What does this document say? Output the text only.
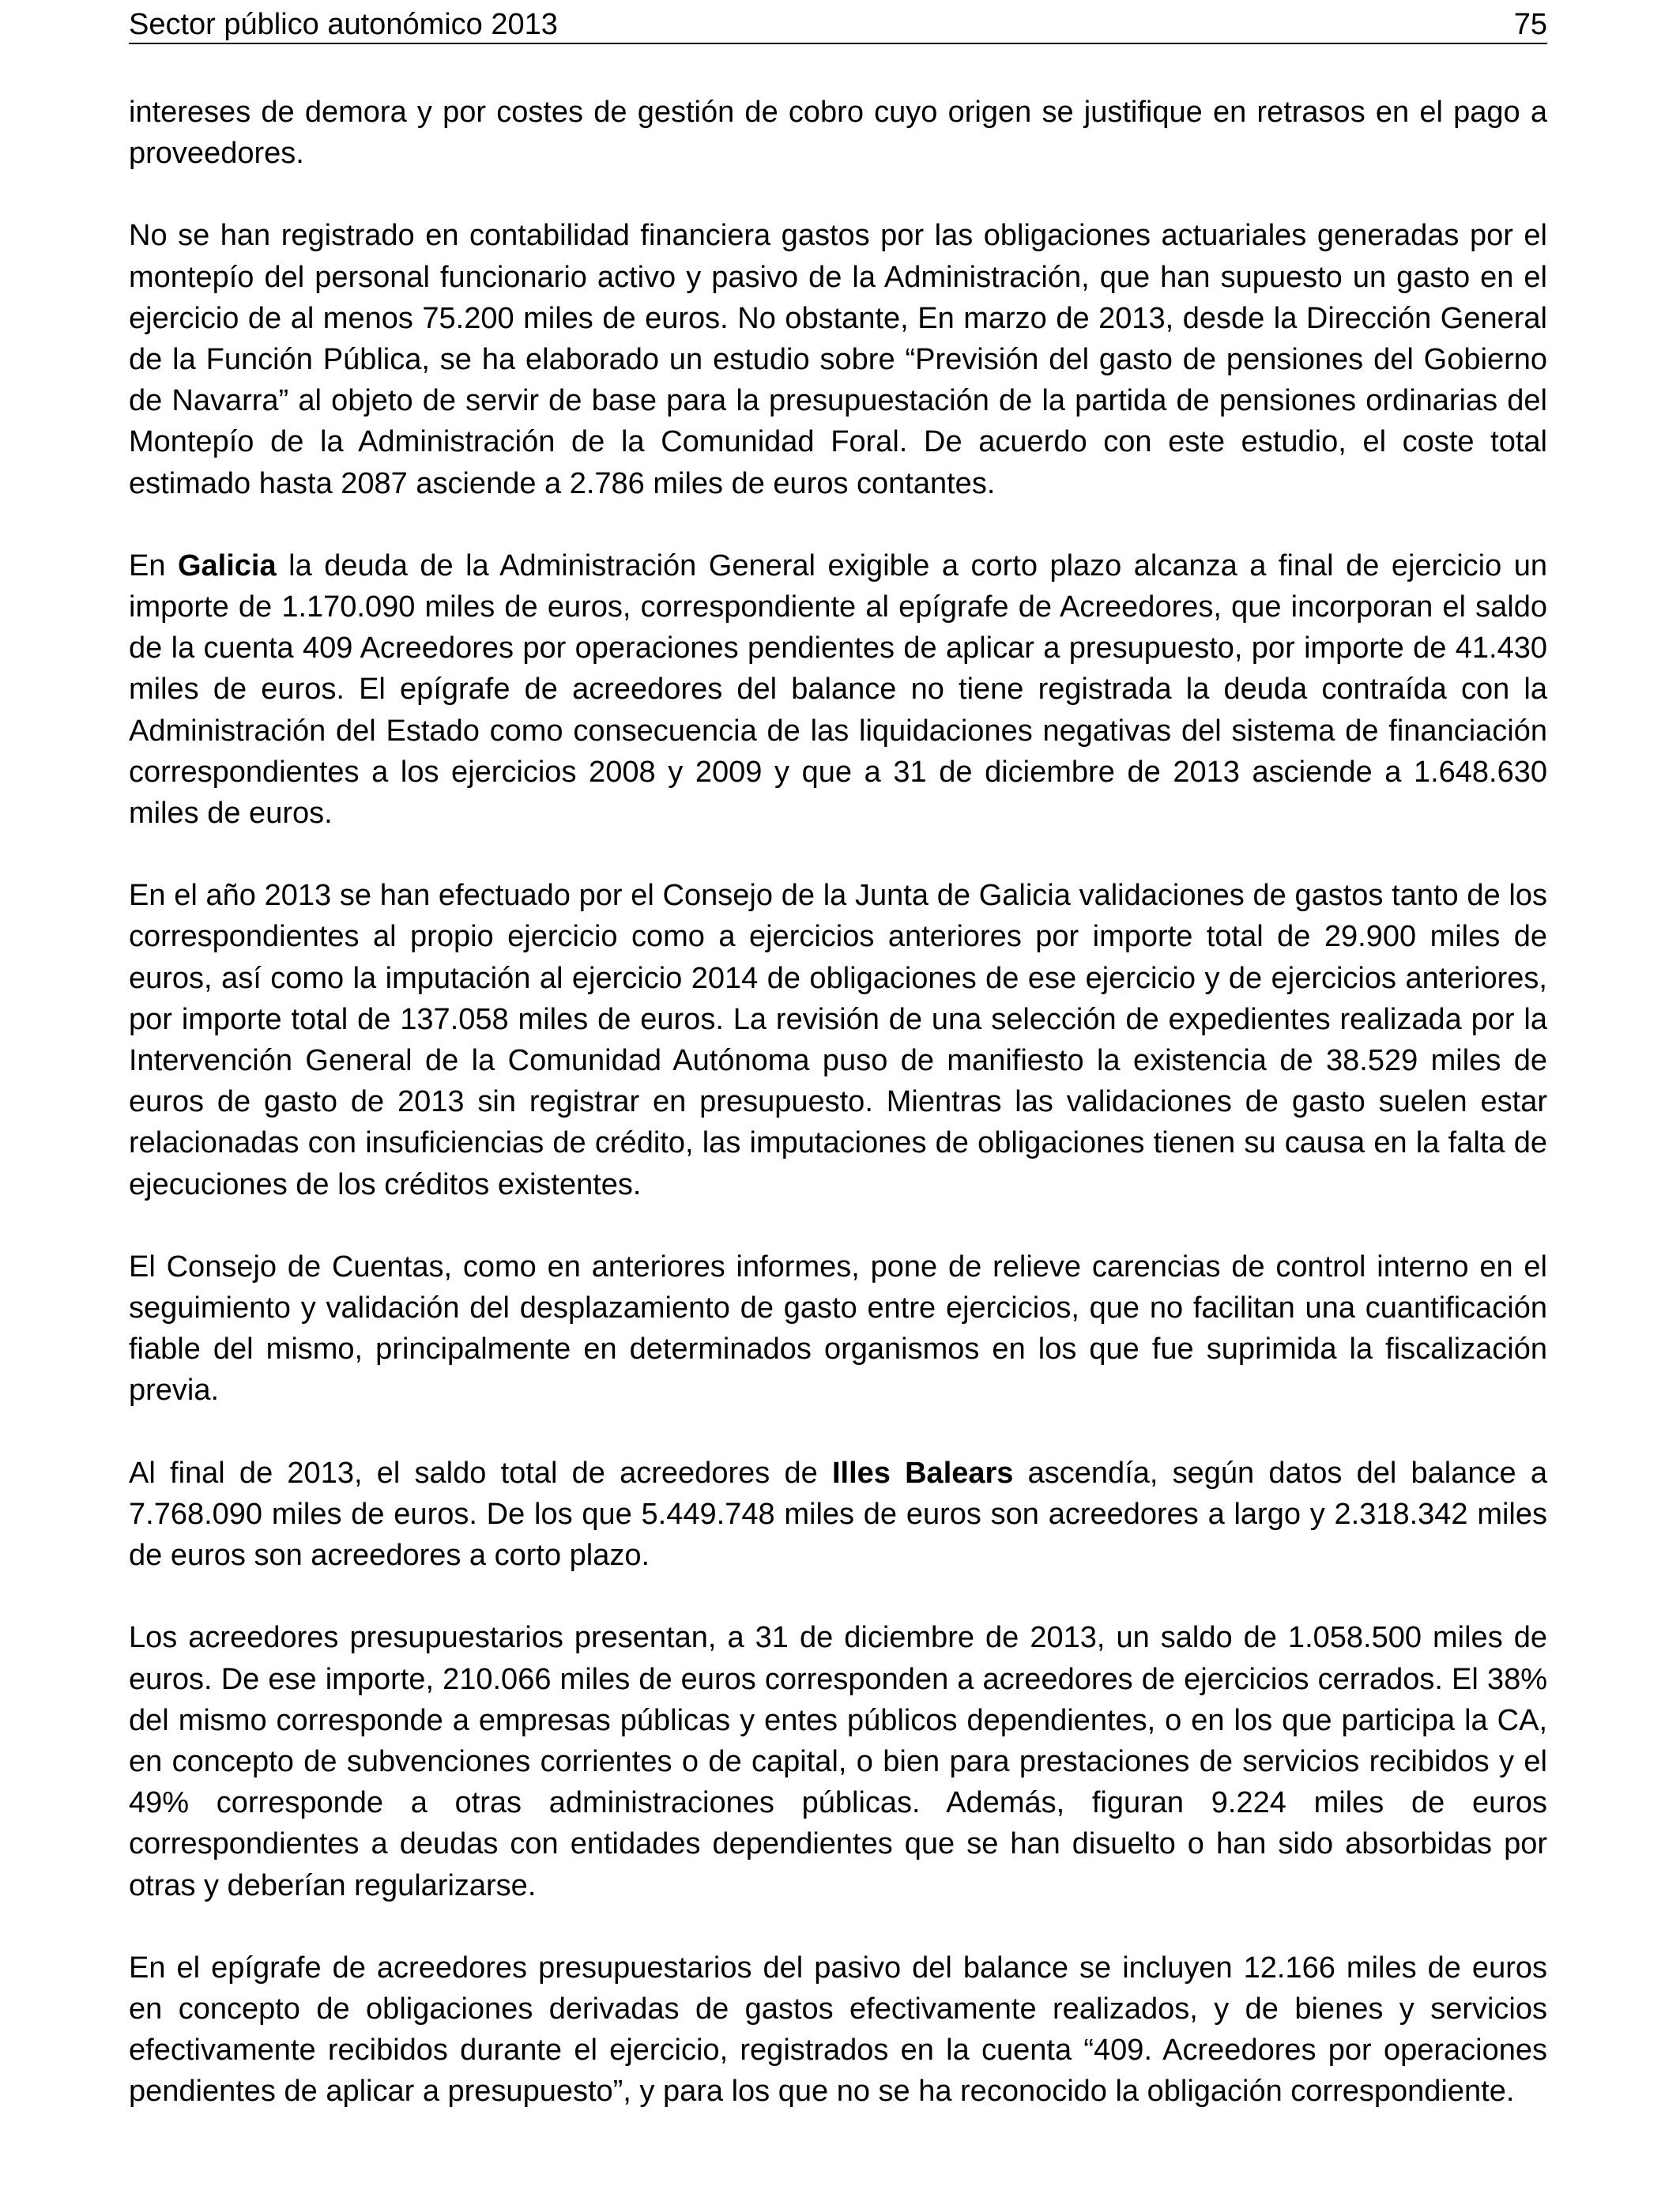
Sector público autonómico 2013	75

intereses de demora y por costes de gestión de cobro cuyo origen se justifique en retrasos en el pago a proveedores.

No se han registrado en contabilidad financiera gastos por las obligaciones actuariales generadas por el montepío del personal funcionario activo y pasivo de la Administración, que han supuesto un gasto en el ejercicio de al menos 75.200 miles de euros. No obstante, En marzo de 2013, desde la Dirección General de la Función Pública, se ha elaborado un estudio sobre “Previsión del gasto de pensiones del Gobierno de Navarra” al objeto de servir de base para la presupuestación de la partida de pensiones ordinarias del Montepío de la Administración de la Comunidad Foral. De acuerdo con este estudio, el coste total estimado hasta 2087 asciende a 2.786 miles de euros contantes.

En Galicia la deuda de la Administración General exigible a corto plazo alcanza a final de ejercicio un importe de 1.170.090 miles de euros, correspondiente al epígrafe de Acreedores, que incorporan el saldo de la cuenta 409 Acreedores por operaciones pendientes de aplicar a presupuesto, por importe de 41.430 miles de euros. El epígrafe de acreedores del balance no tiene registrada la deuda contraída con la Administración del Estado como consecuencia de las liquidaciones negativas del sistema de financiación correspondientes a los ejercicios 2008 y 2009 y que a 31 de diciembre de 2013 asciende a 1.648.630 miles de euros.

En el año 2013 se han efectuado por el Consejo de la Junta de Galicia validaciones de gastos tanto de los correspondientes al propio ejercicio como a ejercicios anteriores por importe total de 29.900 miles de euros, así como la imputación al ejercicio 2014 de obligaciones de ese ejercicio y de ejercicios anteriores, por importe total de 137.058 miles de euros. La revisión de una selección de expedientes realizada por la Intervención General de la Comunidad Autónoma puso de manifiesto la existencia de 38.529 miles de euros de gasto de 2013 sin registrar en presupuesto. Mientras las validaciones de gasto suelen estar relacionadas con insuficiencias de crédito, las imputaciones de obligaciones tienen su causa en la falta de ejecuciones de los créditos existentes.

El Consejo de Cuentas, como en anteriores informes, pone de relieve carencias de control interno en el seguimiento y validación del desplazamiento de gasto entre ejercicios, que no facilitan una cuantificación fiable del mismo, principalmente en determinados organismos en los que fue suprimida la fiscalización previa.

Al final de 2013, el saldo total de acreedores de Illes Balears ascendía, según datos del balance a 7.768.090 miles de euros. De los que 5.449.748 miles de euros son acreedores a largo y 2.318.342 miles de euros son acreedores a corto plazo.

Los acreedores presupuestarios presentan, a 31 de diciembre de 2013, un saldo de 1.058.500 miles de euros. De ese importe, 210.066 miles de euros corresponden a acreedores de ejercicios cerrados. El 38% del mismo corresponde a empresas públicas y entes públicos dependientes, o en los que participa la CA, en concepto de subvenciones corrientes o de capital, o bien para prestaciones de servicios recibidos y el 49% corresponde a otras administraciones públicas. Además, figuran 9.224 miles de euros correspondientes a deudas con entidades dependientes que se han disuelto o han sido absorbidas por otras y deberían regularizarse.

En el epígrafe de acreedores presupuestarios del pasivo del balance se incluyen 12.166 miles de euros en concepto de obligaciones derivadas de gastos efectivamente realizados, y de bienes y servicios efectivamente recibidos durante el ejercicio, registrados en la cuenta “409. Acreedores por operaciones pendientes de aplicar a presupuesto”, y para los que no se ha reconocido la obligación correspondiente.
